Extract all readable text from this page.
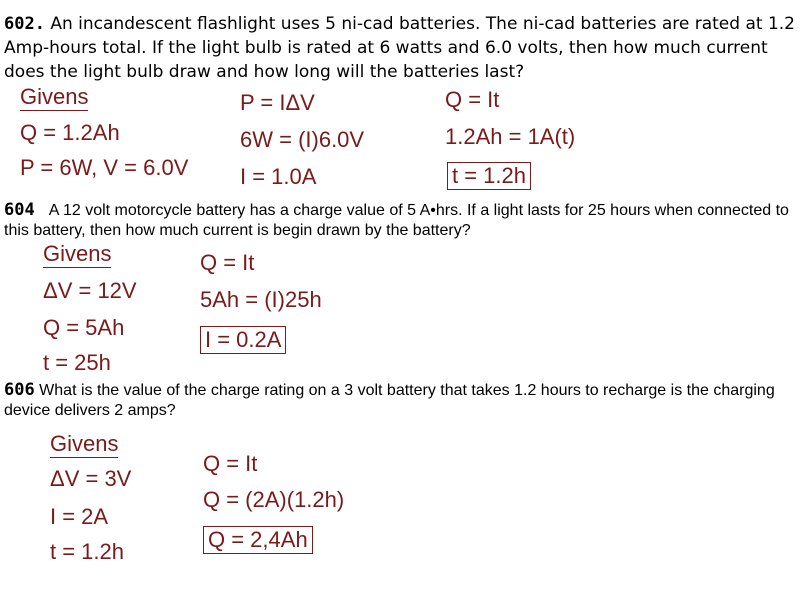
602. An incandescent flashlight uses 5 ni-cad batteries. The ni-cad batteries are rated at 1.2 Amp-hours total. If the light bulb is rated at 6 watts and 6.0 volts, then how much current does the light bulb draw and how long will the batteries last?

Givens

Q = 1.2Ah

P = 6W, V = 6.0V

P = IΔV

6W = (I)6.0V

I = 1.0A

Q = It

1.2Ah = 1A(t)

t = 1.2h

604 A 12 volt motorcycle battery has a charge value of 5 A•hrs. If a light lasts for 25 hours when connected to this battery, then how much current is begin drawn by the battery?

Givens

ΔV = 12V

Q = 5Ah

t = 25h

Q = It

5Ah = (I)25h

I = 0.2A

606 What is the value of the charge rating on a 3 volt battery that takes 1.2 hours to recharge is the charging device delivers 2 amps?

Givens

ΔV = 3V

I = 2A

t = 1.2h

Q = It

Q = (2A)(1.2h)

Q = 2,4Ah
